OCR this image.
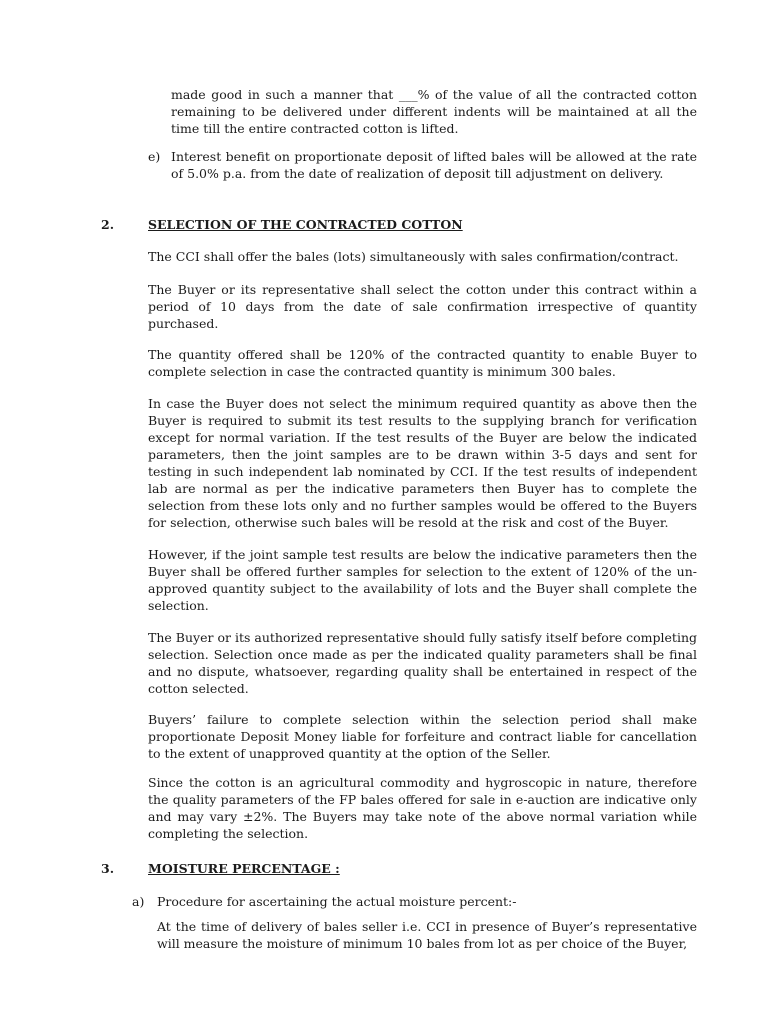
made good in such a manner that ___% of the value of all the contracted cotton remaining to be delivered under different indents will be maintained at all the time till the entire contracted cotton is lifted.

e) Interest benefit on proportionate deposit of lifted bales will be allowed at the rate of 5.0% p.a. from the date of realization of deposit till adjustment on delivery.

2.	SELECTION OF THE CONTRACTED COTTON

The CCI shall offer the bales (lots) simultaneously with sales confirmation/contract.

The Buyer or its representative shall select the cotton under this contract within a period of 10 days from the date of sale confirmation irrespective of quantity purchased.

The quantity offered shall be 120% of the contracted quantity to enable Buyer to complete selection in case the contracted quantity is minimum 300 bales.

In case the Buyer does not select the minimum required quantity as above then the Buyer is required to submit its test results to the supplying branch for verification except for normal variation. If the test results of the Buyer are below the indicated parameters, then the joint samples are to be drawn within 3-5 days and sent for testing in such independent lab nominated by CCI. If the test results of independent lab are normal as per the indicative parameters then Buyer has to complete the selection from these lots only and no further samples would be offered to the Buyers for selection, otherwise such bales will be resold at the risk and cost of the Buyer.

However, if the joint sample test results are below the indicative parameters then the Buyer shall be offered further samples for selection to the extent of 120% of the un-approved quantity subject to the availability of lots and the Buyer shall complete the selection.

The Buyer or its authorized representative should fully satisfy itself before completing selection. Selection once made as per the indicated quality parameters shall be final and no dispute, whatsoever, regarding quality shall be entertained in respect of the cotton selected.

Buyers’ failure to complete selection within the selection period shall make proportionate Deposit Money liable for forfeiture and contract liable for cancellation to the extent of unapproved quantity at the option of the Seller.

Since the cotton is an agricultural commodity and hygroscopic in nature, therefore the quality parameters of the FP bales offered for sale in e-auction are indicative only and may vary ±2%. The Buyers may take note of the above normal variation while completing the selection.

3.	MOISTURE PERCENTAGE :

a) Procedure for ascertaining the actual moisture percent:-

At the time of delivery of bales seller i.e. CCI in presence of Buyer’s representative will measure the moisture of minimum 10 bales from lot as per choice of the Buyer,
